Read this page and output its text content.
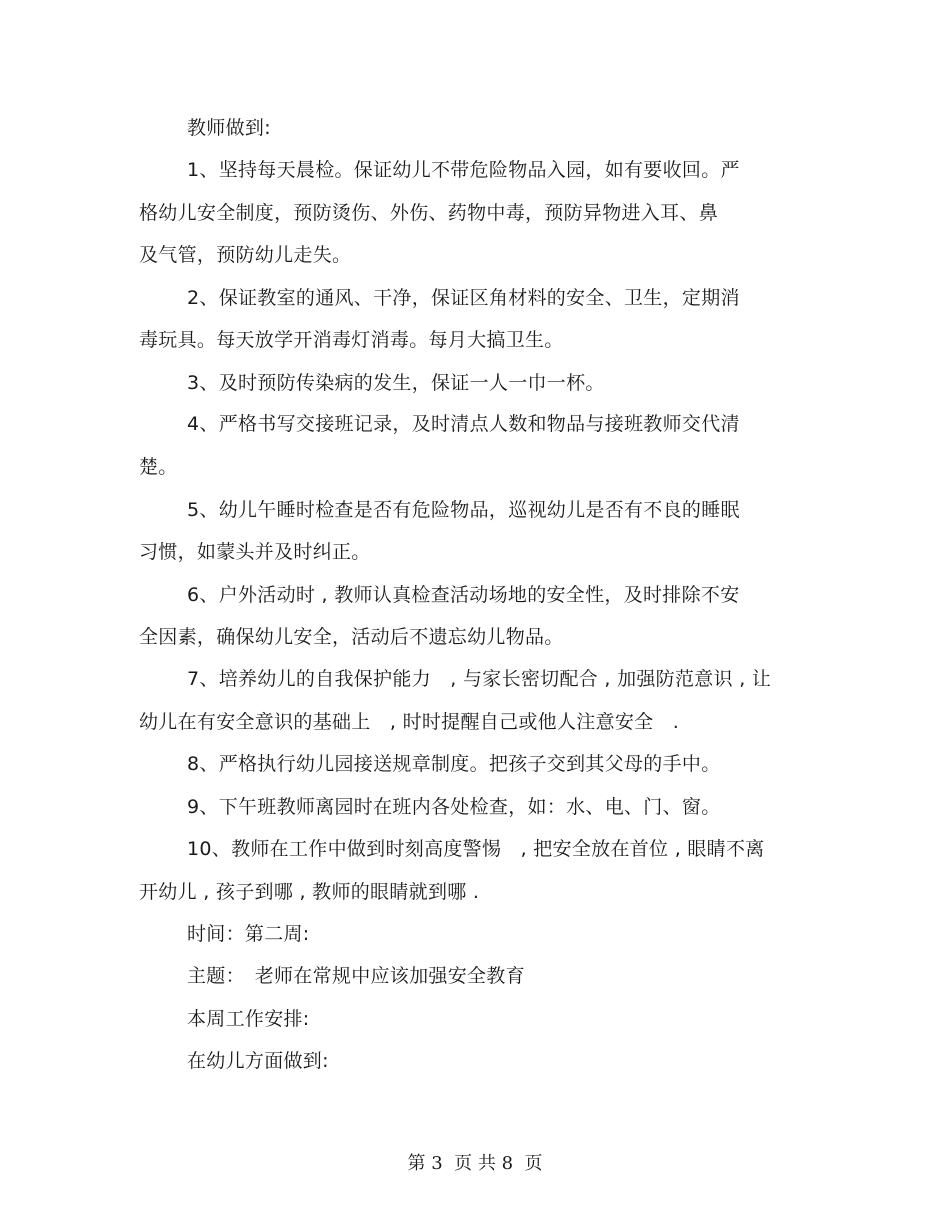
教师做到:
1、坚持每天晨检。保证幼儿不带危险物品入园，如有要收回。严
格幼儿安全制度，预防烫伤、外伤、药物中毒，预防异物进入耳、鼻
及气管，预防幼儿走失。
2、保证教室的通风、干净，保证区角材料的安全、卫生，定期消
毒玩具。每天放学开消毒灯消毒。每月大搞卫生。
3、及时预防传染病的发生，保证一人一巾一杯。
4、严格书写交接班记录，及时清点人数和物品与接班教师交代清
楚。
5、幼儿午睡时检查是否有危险物品，巡视幼儿是否有不良的睡眠
习惯，如蒙头并及时纠正。
6、户外活动时 , 教师认真检查活动场地的安全性，及时排除不安
全因素，确保幼儿安全，活动后不遗忘幼儿物品。
7、培养幼儿的自我保护能力　, 与家长密切配合 , 加强防范意识 , 让
幼儿在有安全意识的基础上　, 时时提醒自己或他人注意安全　.
8、严格执行幼儿园接送规章制度。把孩子交到其父母的手中。
9、下午班教师离园时在班内各处检查，如：水、电、门、窗。
10、教师在工作中做到时刻高度警惕　, 把安全放在首位 , 眼睛不离
开幼儿 , 孩子到哪 , 教师的眼睛就到哪 .
时间：第二周:
主题：　老师在常规中应该加强安全教育
本周工作安排:
在幼儿方面做到:
第 3  页 共 8  页
